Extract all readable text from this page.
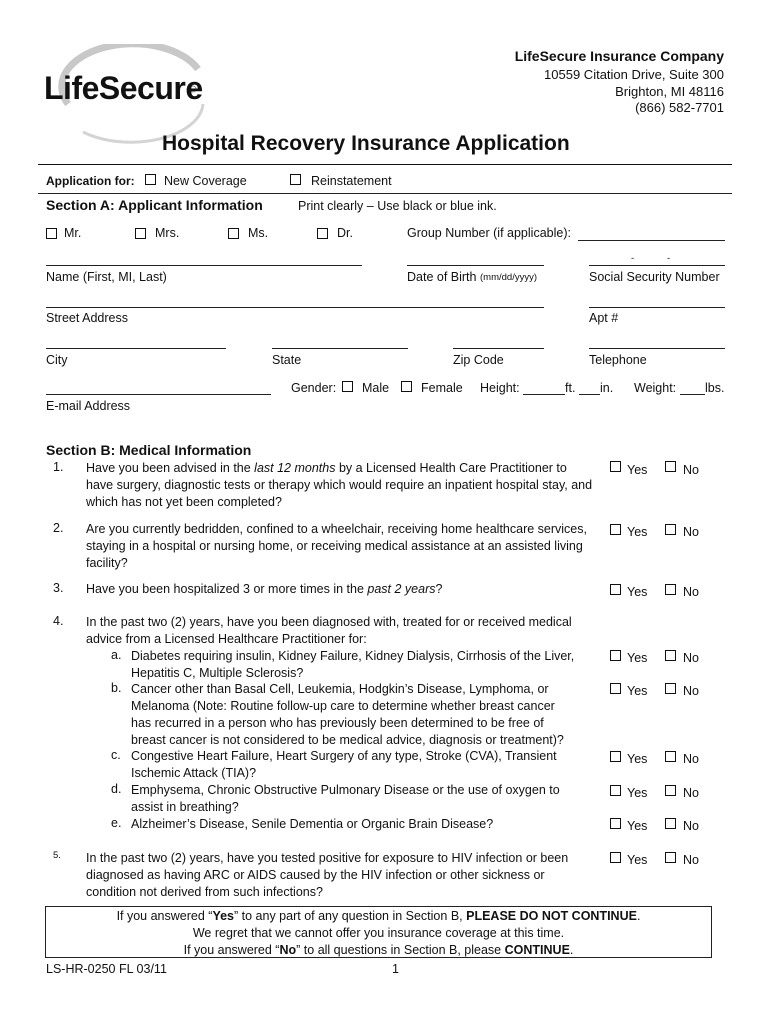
LifeSecure
LifeSecure Insurance Company
10559 Citation Drive, Suite 300
Brighton, MI 48116
(866) 582-7701
Hospital Recovery Insurance Application
Application for: New Coverage	Reinstatement
Section A: Applicant Information	Print clearly – Use black or blue ink.
Mr.	Mrs.	Ms.	Dr.	Group Number (if applicable):
-	-
Name (First, MI, Last)	Date of Birth (mm/dd/yyyy)	Social Security Number
Street Address	Apt #
City	State	Zip Code	Telephone
Gender: Male	Female Height:	ft. in. Weight: lbs.
E-mail Address
Section B: Medical Information
1. Have you been advised in the last 12 months by a Licensed Health Care Practitioner to have surgery, diagnostic tests or therapy which would require an inpatient hospital stay, and which has not yet been completed?
Yes	No
2. Are you currently bedridden, confined to a wheelchair, receiving home healthcare services, staying in a hospital or nursing home, or receiving medical assistance at an assisted living facility?
Yes	No
3. Have you been hospitalized 3 or more times in the past 2 years?	Yes	No
4. In the past two (2) years, have you been diagnosed with, treated for or received medical advice from a Licensed Healthcare Practitioner for:
a. Diabetes requiring insulin, Kidney Failure, Kidney Dialysis, Cirrhosis of the Liver, Hepatitis C, Multiple Sclerosis?
Yes	No
b. Cancer other than Basal Cell, Leukemia, Hodgkin’s Disease, Lymphoma, or Melanoma (Note: Routine follow-up care to determine whether breast cancer has recurred in a person who has previously been determined to be free of breast cancer is not considered to be medical advice, diagnosis or treatment)?
Yes	No
c. Congestive Heart Failure, Heart Surgery of any type, Stroke (CVA), Transient Ischemic Attack (TIA)?
Yes	No
d. Emphysema, Chronic Obstructive Pulmonary Disease or the use of oxygen to assist in breathing?
Yes	No
e. Alzheimer’s Disease, Senile Dementia or Organic Brain Disease?	Yes	No
5. In the past two (2) years, have you tested positive for exposure to HIV infection or been diagnosed as having ARC or AIDS caused by the HIV infection or other sickness or condition not derived from such infections?
Yes	No
If you answered “Yes” to any part of any question in Section B, PLEASE DO NOT CONTINUE.
We regret that we cannot offer you insurance coverage at this time.
If you answered “No” to all questions in Section B, please CONTINUE.
LS-HR-0250 FL 03/11	1
